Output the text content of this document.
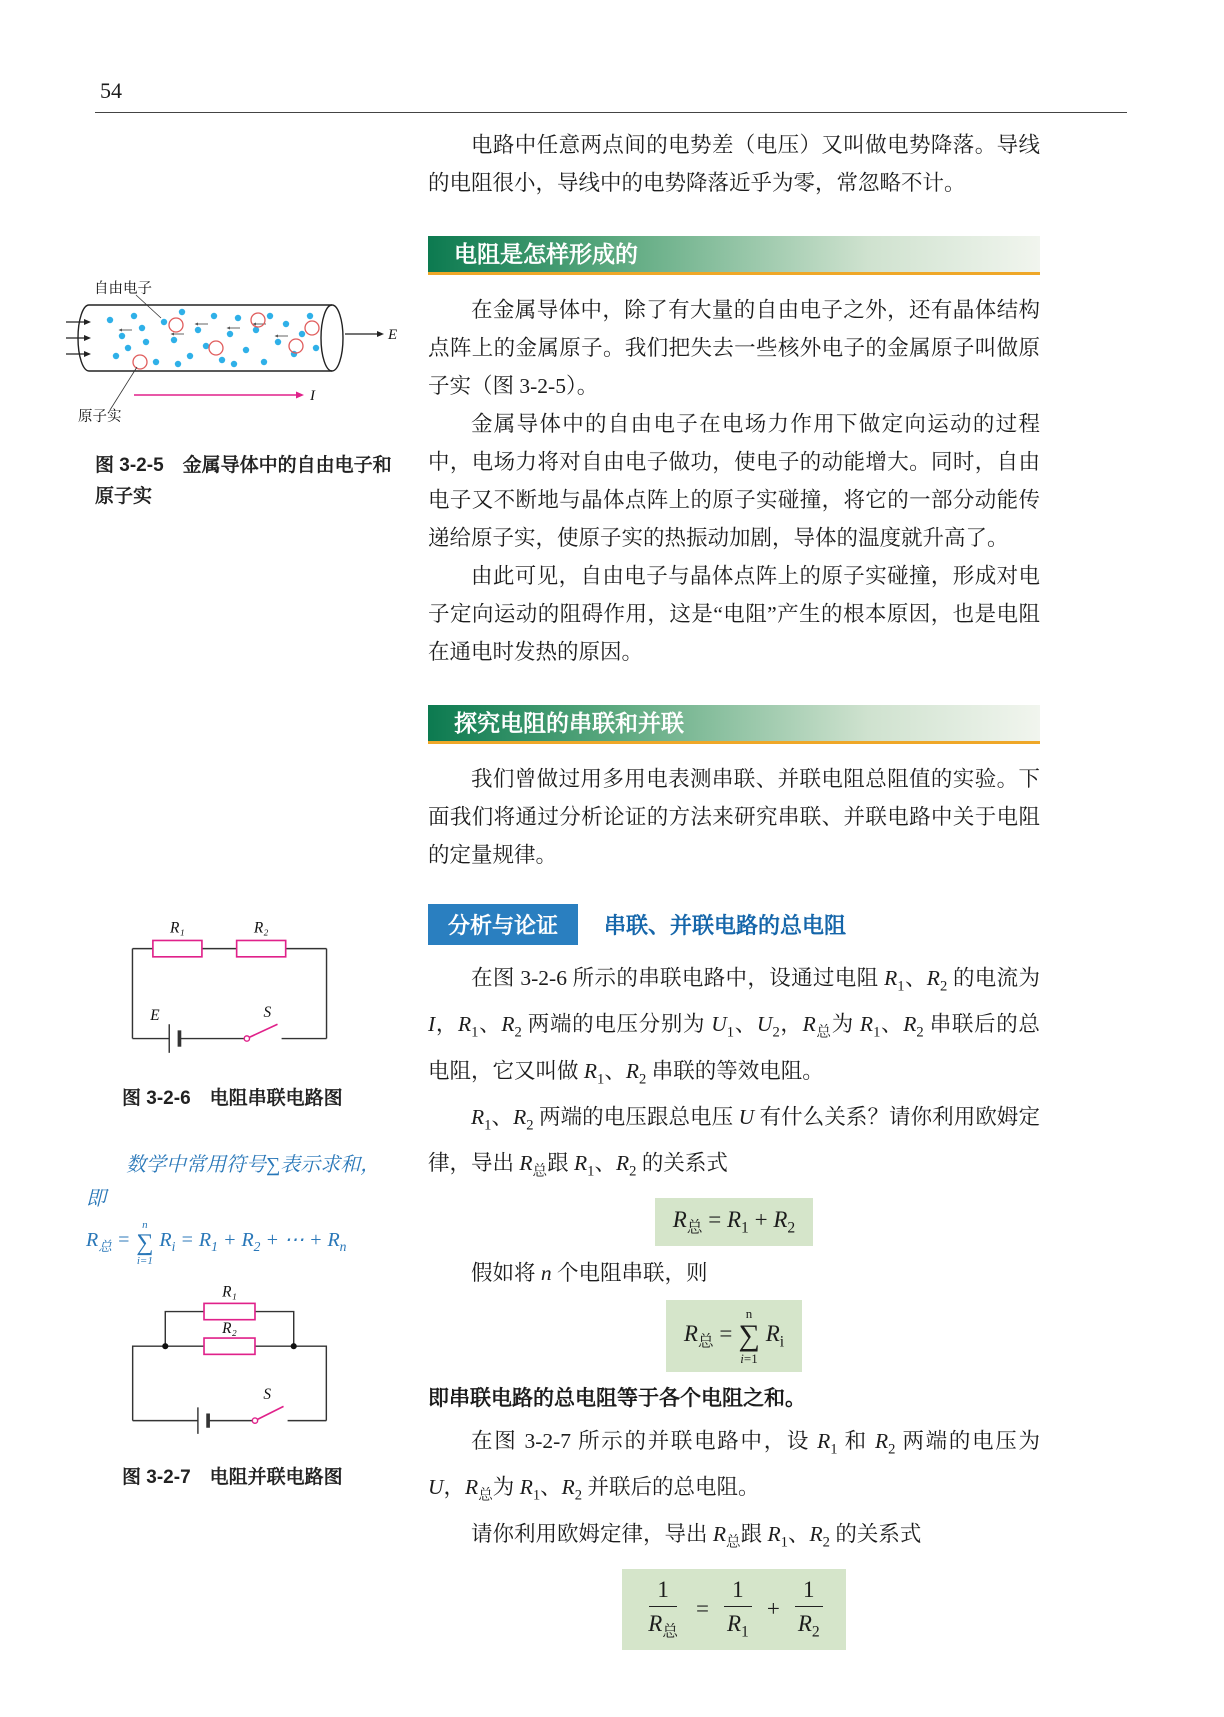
54
E
I
自由电子
原子实
图 3-2-5　金属导体中的自由电子和原子实
R₁	R₂
E	S
图 3-2-6　电阻串联电路图
数学中常用符号∑表示求和，
即
$R_总$ =
n
∑
i=1
$R_i = R_1 + R_2$ + ⋯ + $R_n$
R₁
R₂
S
图 3-2-7　电阻并联电路图

电路中任意两点间的电势差（电压）又叫做电势降落。导线的电阻很小，导线中的电势降落近乎为零，常忽略不计。

电阻是怎样形成的

在金属导体中，除了有大量的自由电子之外，还有晶体结构点阵上的金属原子。我们把失去一些核外电子的金属原子叫做原子实（图 3-2-5）。

金属导体中的自由电子在电场力作用下做定向运动的过程中，电场力将对自由电子做功，使电子的动能增大。同时，自由电子又不断地与晶体点阵上的原子实碰撞，将它的一部分动能传递给原子实，使原子实的热振动加剧，导体的温度就升高了。

由此可见，自由电子与晶体点阵上的原子实碰撞，形成对电子定向运动的阻碍作用，这是“电阻”产生的根本原因，也是电阻在通电时发热的原因。

探究电阻的串联和并联

我们曾做过用多用电表测串联、并联电阻总阻值的实验。下面我们将通过分析论证的方法来研究串联、并联电路中关于电阻的定量规律。

分析与论证	串联、并联电路的总电阻

在图 3-2-6 所示的串联电路中，设通过电阻 $R_1$、$R_2$ 的电流为 I，$R_1$、$R_2$ 两端的电压分别为 $U_1$、$U_2$，$R_总$为 $R_1$、$R_2$ 串联后的总电阻，它又叫做 $R_1$、$R_2$ 串联的等效电阻。

$R_1$、$R_2$ 两端的电压跟总电压 U 有什么关系？请你利用欧姆定律，导出 $R_总$跟 $R_1$、$R_2$ 的关系式

$R_总 = R_1 + R_2$

假如将 n 个电阻串联，则

$R_总$ =
n
∑
i=1
$R_i$

即串联电路的总电阻等于各个电阻之和。

在图 3-2-7 所示的并联电路中，设 $R_1$ 和 $R_2$ 两端的电压为 U，$R_总$为 $R_1$、$R_2$ 并联后的总电阻。

请你利用欧姆定律，导出 $R_总$跟 $R_1$、$R_2$ 的关系式

$\frac{1}{R_总} = \frac{1}{R_1} + \frac{1}{R_2}$
